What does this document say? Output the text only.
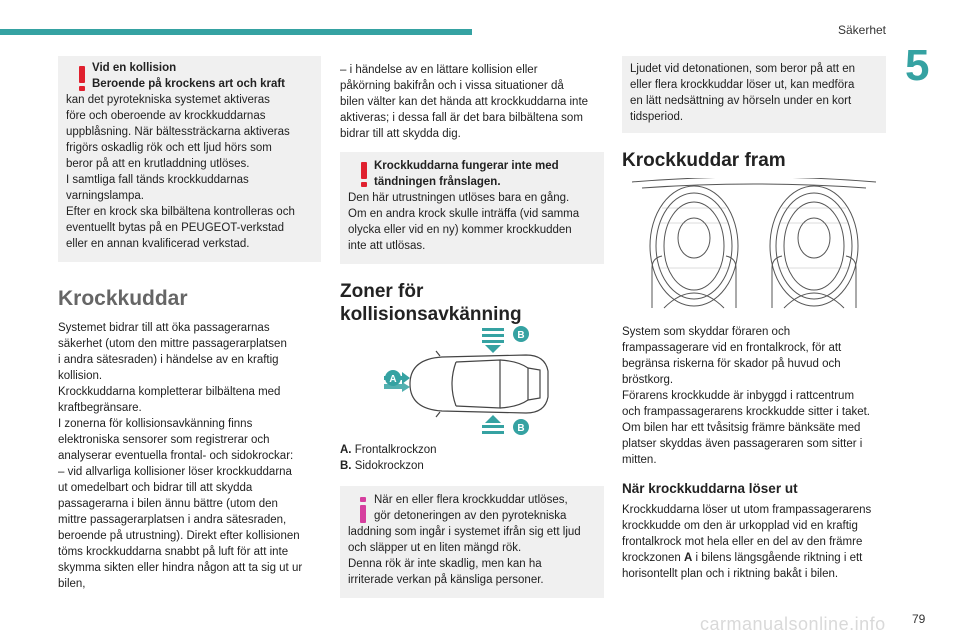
Säkerhet
5
79
carmanualsonline.info
Vid en kollision
Beroende på krockens art och kraft

kan det pyrotekniska systemet aktiveras

före och oberoende av krockkuddarnas

uppblåsning. När bältessträckarna aktiveras

frigörs oskadlig rök och ett ljud hörs som

beror på att en krutladdning utlöses.

I samtliga fall tänds krockkuddarnas

varningslampa.

Efter en krock ska bilbältena kontrolleras och

eventuellt bytas på en PEUGEOT-verkstad

eller en annan kvalificerad verkstad.

Krockkuddar

Systemet bidrar till att öka passagerarnas

säkerhet (utom den mittre passagerarplatsen

i andra sätesraden) i händelse av en kraftig

kollision.

Krockkuddarna kompletterar bilbältena med

kraftbegränsare.

I zonerna för kollisionsavkänning finns

elektroniska sensorer som registrerar och

analyserar eventuella frontal- och sidokrockar:

– vid allvarliga kollisioner löser krockkuddarna

ut omedelbart och bidrar till att skydda

passagerarna i bilen ännu bättre (utom den

mittre passagerarplatsen i andra sätesraden,

beroende på utrustning). Direkt efter kollisionen

töms krockkuddarna snabbt på luft för att inte

skymma sikten eller hindra någon att ta sig ut ur

bilen,

– i händelse av en lättare kollision eller

påkörning bakifrån och i vissa situationer då

bilen välter kan det hända att krockkuddarna inte

aktiveras; i dessa fall är det bara bilbältena som

bidrar till att skydda dig.

Krockkuddarna fungerar inte med
tändningen frånslagen.

Den här utrustningen utlöses bara en gång.

Om en andra krock skulle inträffa (vid samma

olycka eller vid en ny) kommer krockkudden

inte att utlösas.

Zoner för
kollisionsavkänning
A
B
B

A. Frontalkrockzon

B. Sidokrockzon

När en eller flera krockkuddar utlöses,

gör detoneringen av den pyrotekniska

laddning som ingår i systemet ifrån sig ett ljud

och släpper ut en liten mängd rök.

Denna rök är inte skadlig, men kan ha

irriterade verkan på känsliga personer.

Ljudet vid detonationen, som beror på att en

eller flera krockkuddar löser ut, kan medföra

en lätt nedsättning av hörseln under en kort

tidsperiod.

Krockkuddar fram

System som skyddar föraren och

frampassagerare vid en frontalkrock, för att

begränsa riskerna för skador på huvud och

bröstkorg.

Förarens krockkudde är inbyggd i rattcentrum

och frampassagerarens krockkudde sitter i taket.

Om bilen har ett tvåsitsig främre bänksäte med

platser skyddas även passageraren som sitter i

mitten.

När krockkuddarna löser ut

Krockkuddarna löser ut utom frampassagerarens

krockkudde om den är urkopplad vid en kraftig

frontalkrock mot hela eller en del av den främre

krockzonen A i bilens längsgående riktning i ett

horisontellt plan och i riktning bakåt i bilen.
